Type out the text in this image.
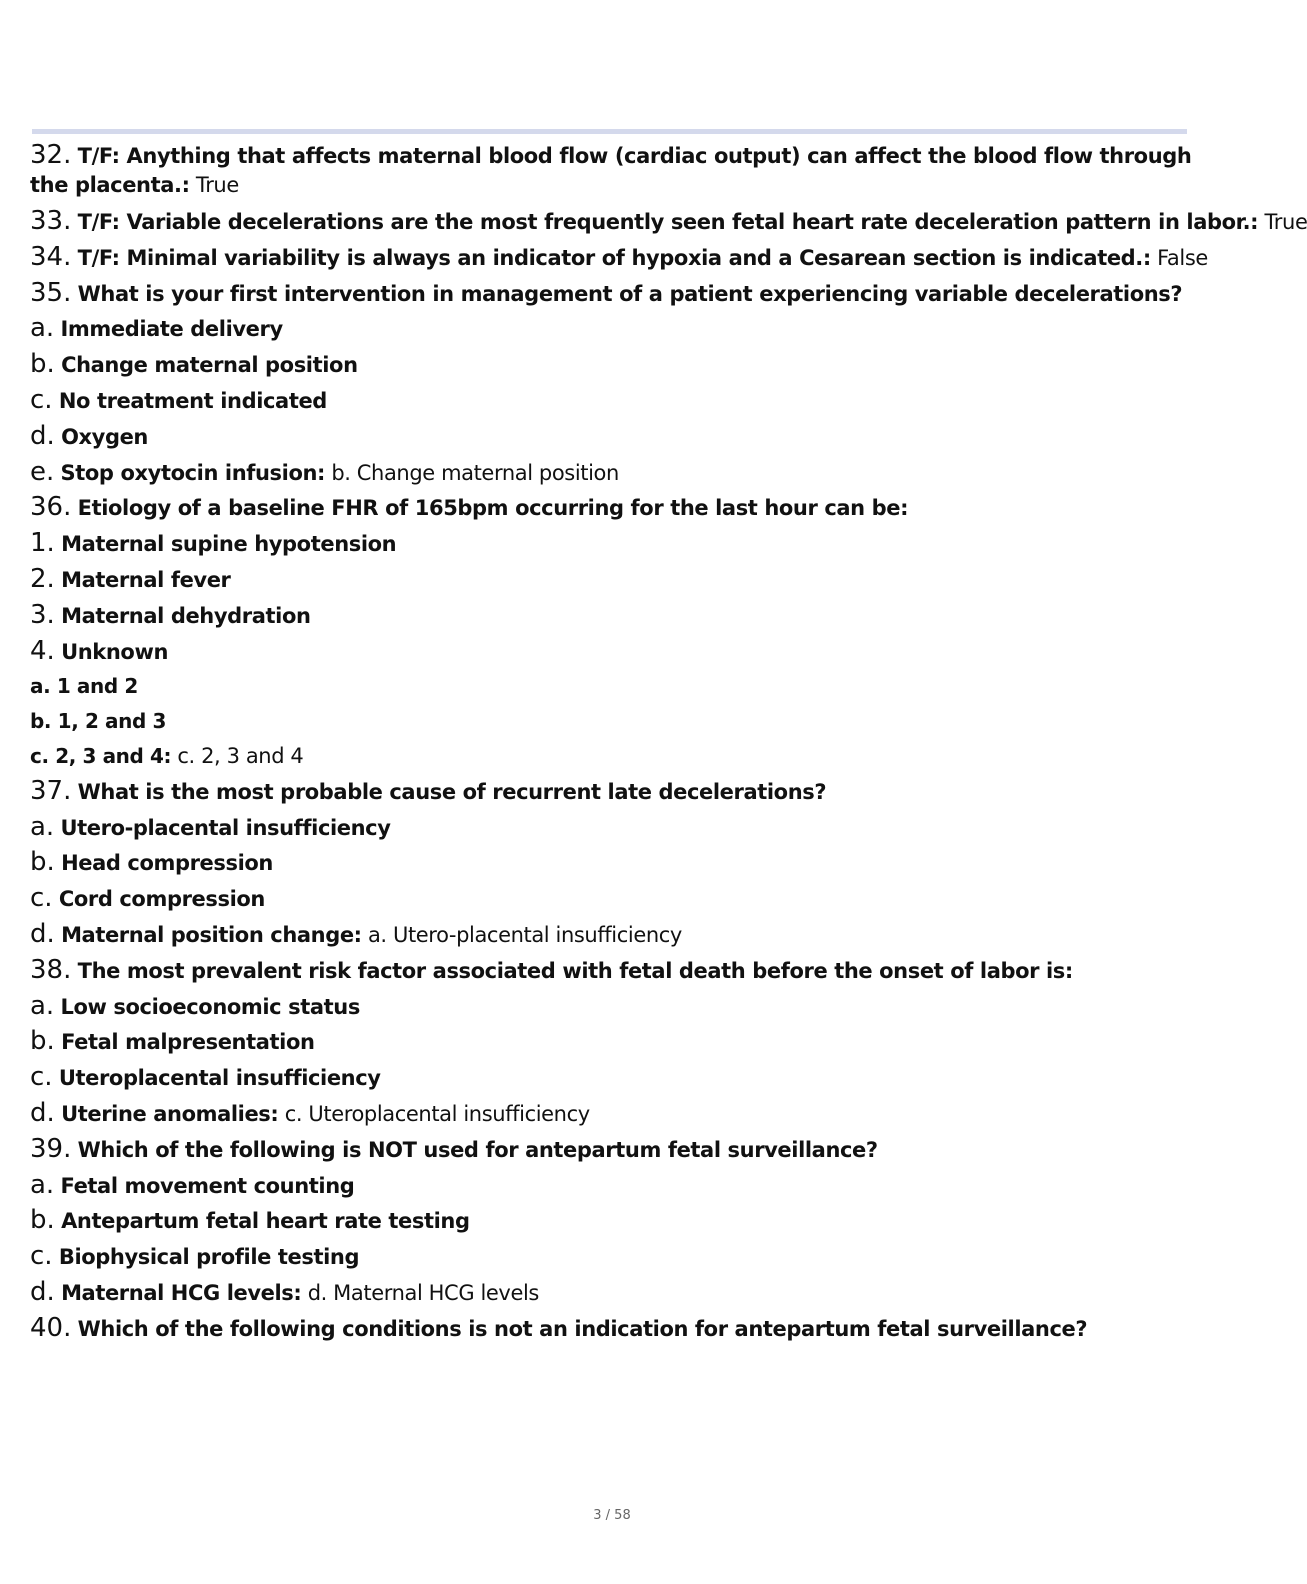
32. T/F: Anything that affects maternal blood flow (cardiac output) can affect the blood flow through the placenta.: True
33. T/F: Variable decelerations are the most frequently seen fetal heart rate deceleration pattern in labor.: True
34. T/F: Minimal variability is always an indicator of hypoxia and a Cesarean section is indicated.: False
35. What is your first intervention in management of a patient experiencing variable decelerations?
a. Immediate delivery
b. Change maternal position
c. No treatment indicated
d. Oxygen
e. Stop oxytocin infusion: b. Change maternal position
36. Etiology of a baseline FHR of 165bpm occurring for the last hour can be:
1. Maternal supine hypotension
2. Maternal fever
3. Maternal dehydration
4. Unknown
a. 1 and 2
b. 1, 2 and 3
c. 2, 3 and 4: c. 2, 3 and 4
37. What is the most probable cause of recurrent late decelerations?
a. Utero-placental insufficiency
b. Head compression
c. Cord compression
d. Maternal position change: a. Utero-placental insufficiency
38. The most prevalent risk factor associated with fetal death before the onset of labor is:
a. Low socioeconomic status
b. Fetal malpresentation
c. Uteroplacental insufficiency
d. Uterine anomalies: c. Uteroplacental insufficiency
39. Which of the following is NOT used for antepartum fetal surveillance?
a. Fetal movement counting
b. Antepartum fetal heart rate testing
c. Biophysical profile testing
d. Maternal HCG levels: d. Maternal HCG levels
40. Which of the following conditions is not an indication for antepartum fetal surveillance?
3 / 58
